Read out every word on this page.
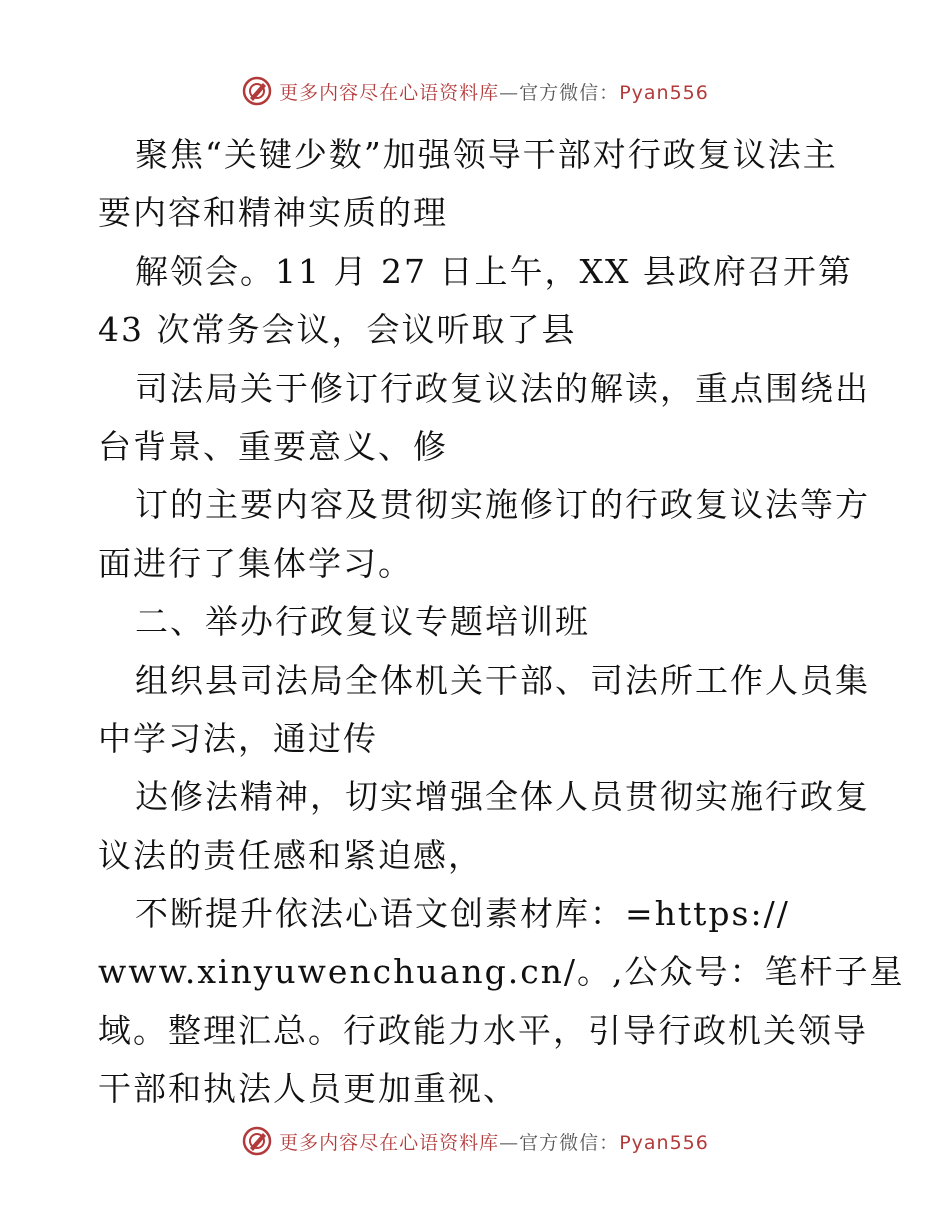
更多内容尽在心语资料库—官方微信：Pyan556
聚焦“关键少数”加强领导干部对行政复议法主
要内容和精神实质的理
解领会。11 月 27 日上午，XX 县政府召开第
43 次常务会议，会议听取了县
司法局关于修订行政复议法的解读，重点围绕出
台背景、重要意义、修
订的主要内容及贯彻实施修订的行政复议法等方
面进行了集体学习。
二、举办行政复议专题培训班
组织县司法局全体机关干部、司法所工作人员集
中学习法，通过传
达修法精神，切实增强全体人员贯彻实施行政复
议法的责任感和紧迫感，
不断提升依法心语文创素材库：=https://
www.xinyuwenchuang.cn/。,公众号：笔杆子星
域。整理汇总。行政能力水平，引导行政机关领导
干部和执法人员更加重视、
更多内容尽在心语资料库—官方微信：Pyan556
